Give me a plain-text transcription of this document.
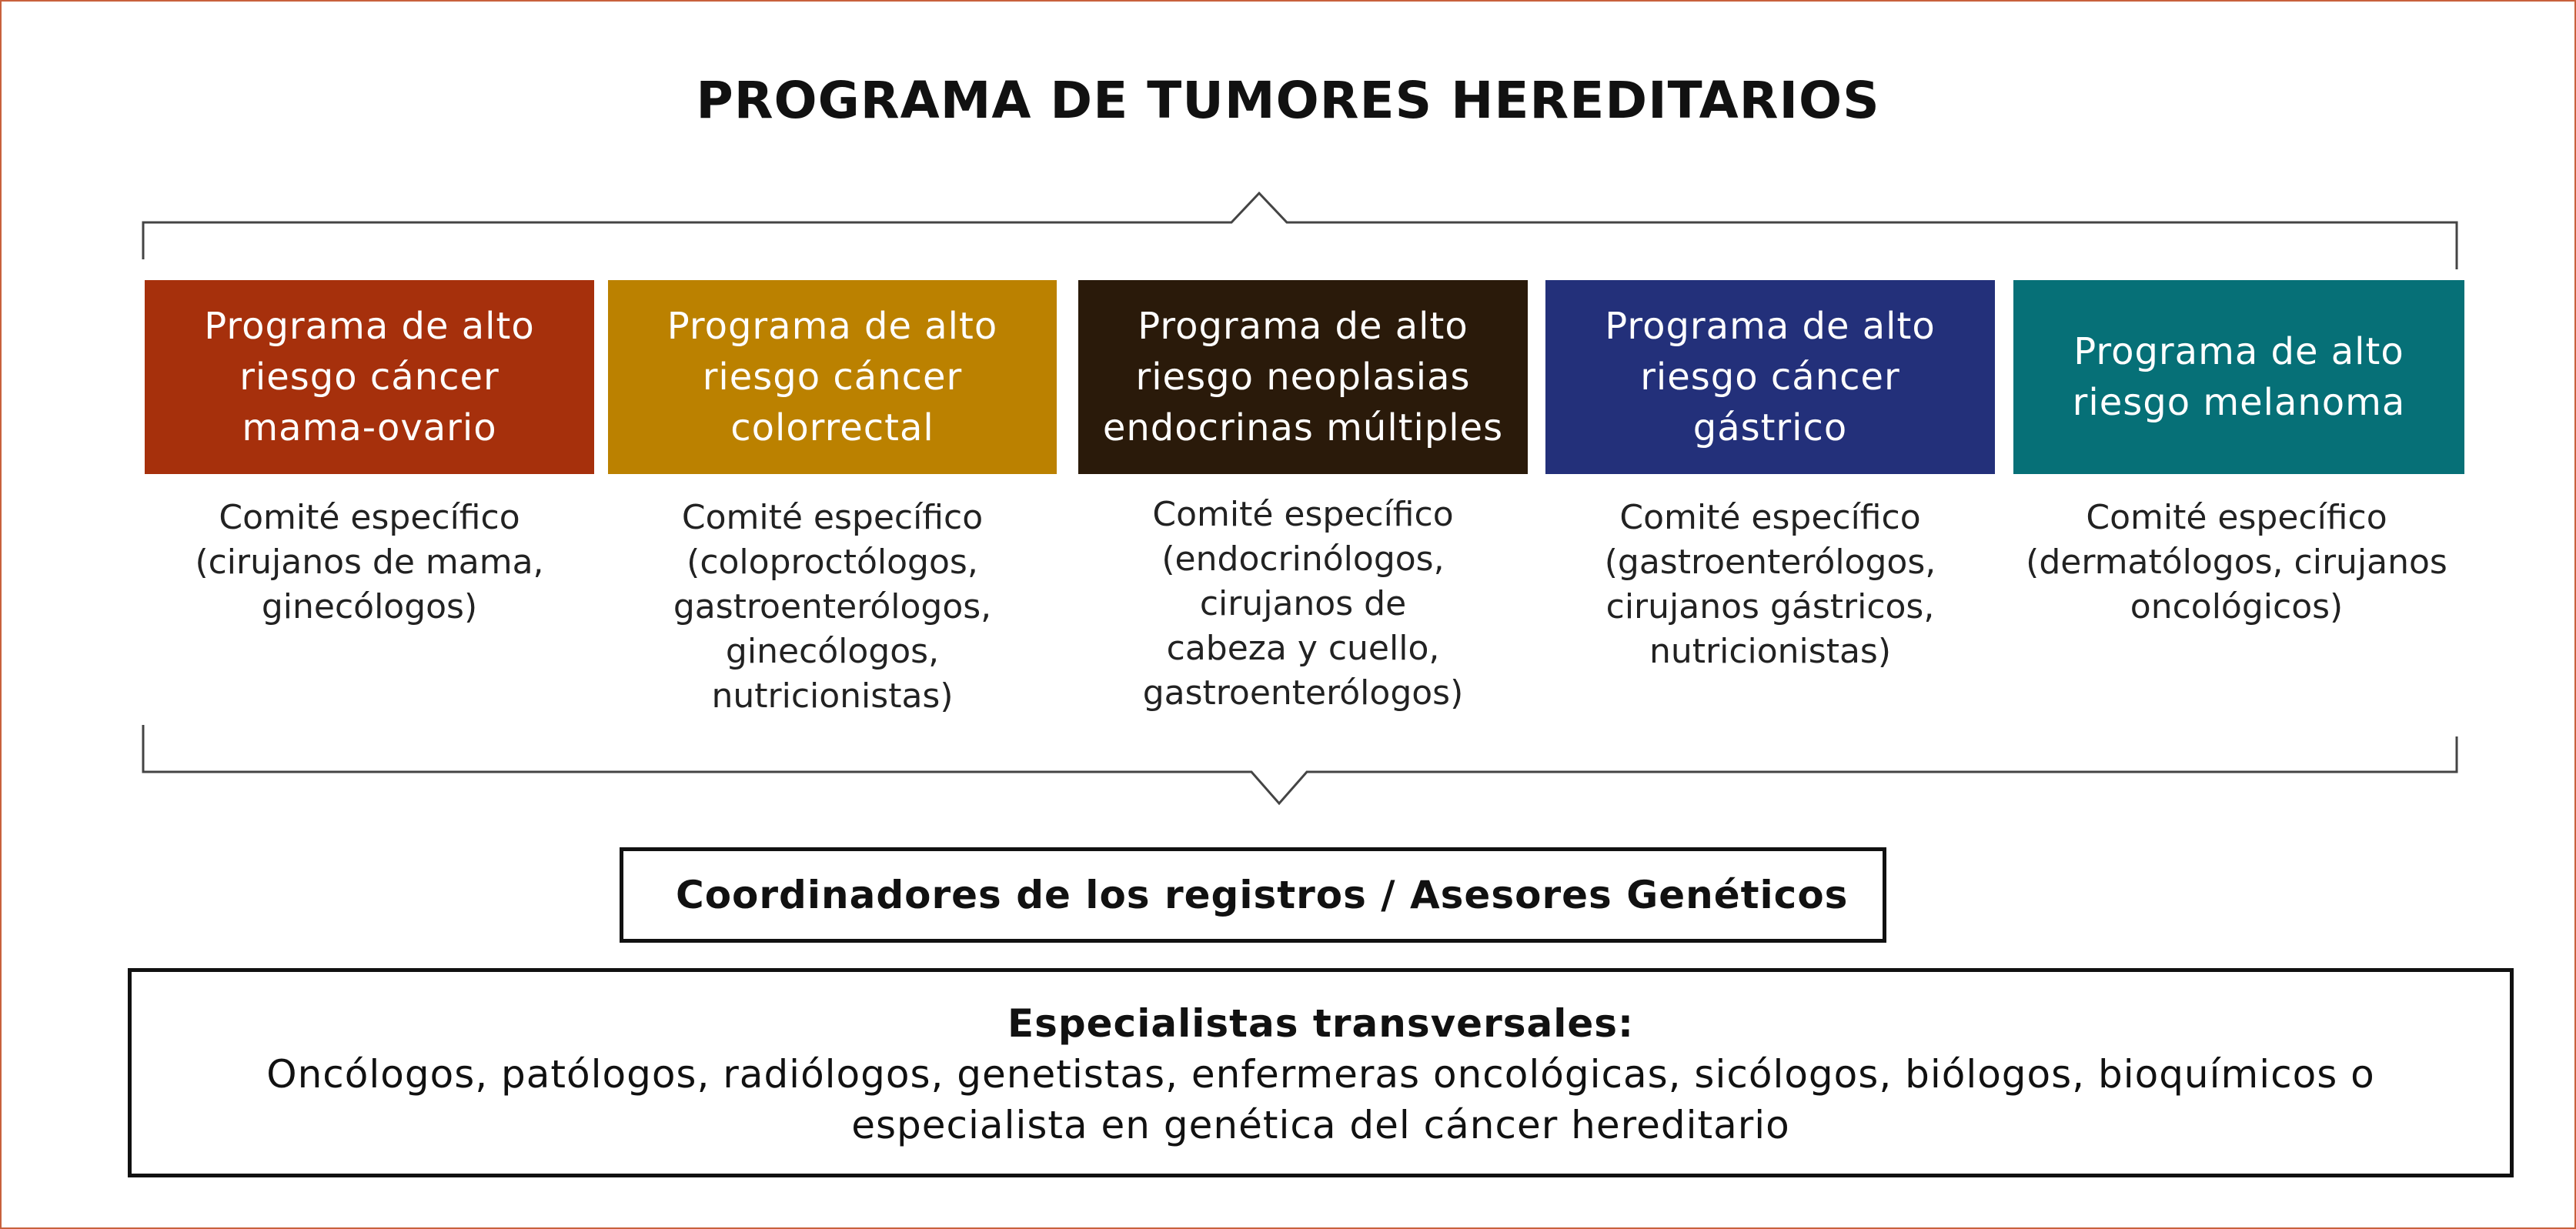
PROGRAMA DE TUMORES HEREDITARIOS
Programa de alto
riesgo cáncer
mama-ovario
Programa de alto
riesgo cáncer
colorrectal
Programa de alto
riesgo neoplasias
endocrinas múltiples
Programa de alto
riesgo cáncer
gástrico
Programa de alto
riesgo melanoma
Comité específico
(cirujanos de mama,
ginecólogos)
Comité específico
(coloproctólogos,
gastroenterólogos,
ginecólogos,
nutricionistas)
Comité específico
(endocrinólogos,
cirujanos de
cabeza y cuello,
gastroenterólogos)
Comité específico
(gastroenterólogos,
cirujanos gástricos,
nutricionistas)
Comité específico
(dermatólogos, cirujanos
oncológicos)
Coordinadores de los registros / Asesores Genéticos
Especialistas transversales:
Oncólogos, patólogos, radiólogos, genetistas, enfermeras oncológicas, sicólogos, biólogos, bioquímicos o especialista en genética del cáncer hereditario
